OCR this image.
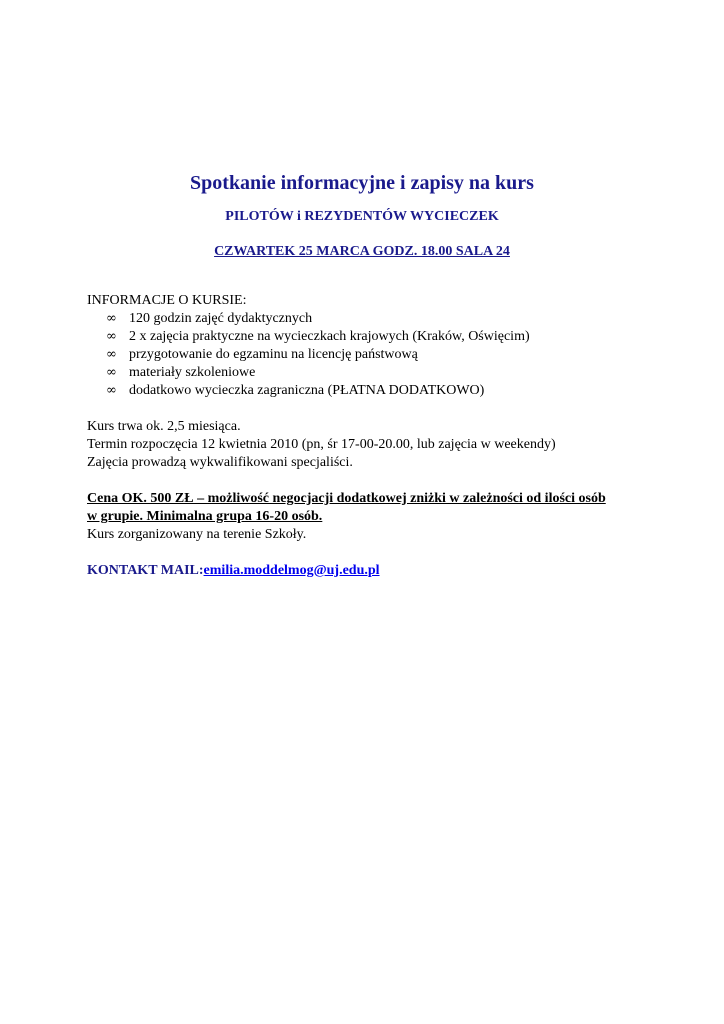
Spotkanie informacyjne i zapisy na kurs
PILOTÓW i REZYDENTÓW WYCIECZEK
CZWARTEK 25 MARCA GODZ. 18.00 SALA 24

INFORMACJE O KURSIE:

∞ 120 godzin zajęć dydaktycznych
∞ 2 x zajęcia praktyczne na wycieczkach krajowych (Kraków, Oświęcim)
∞ przygotowanie do egzaminu na licencję państwową
∞ materiały szkoleniowe
∞ dodatkowo wycieczka zagraniczna (PŁATNA DODATKOWO)
Kurs trwa ok. 2,5 miesiąca.
Termin rozpoczęcia 12 kwietnia 2010 (pn, śr 17-00-20.00, lub zajęcia w weekendy)
Zajęcia prowadzą wykwalifikowani specjaliści.
Cena OK. 500 ZŁ – możliwość negocjacji dodatkowej zniżki w zależności od ilości osób
w grupie. Minimalna grupa 16-20 osób.
Kurs zorganizowany na terenie Szkoły.

KONTAKT MAIL:emilia.moddelmog@uj.edu.pl
